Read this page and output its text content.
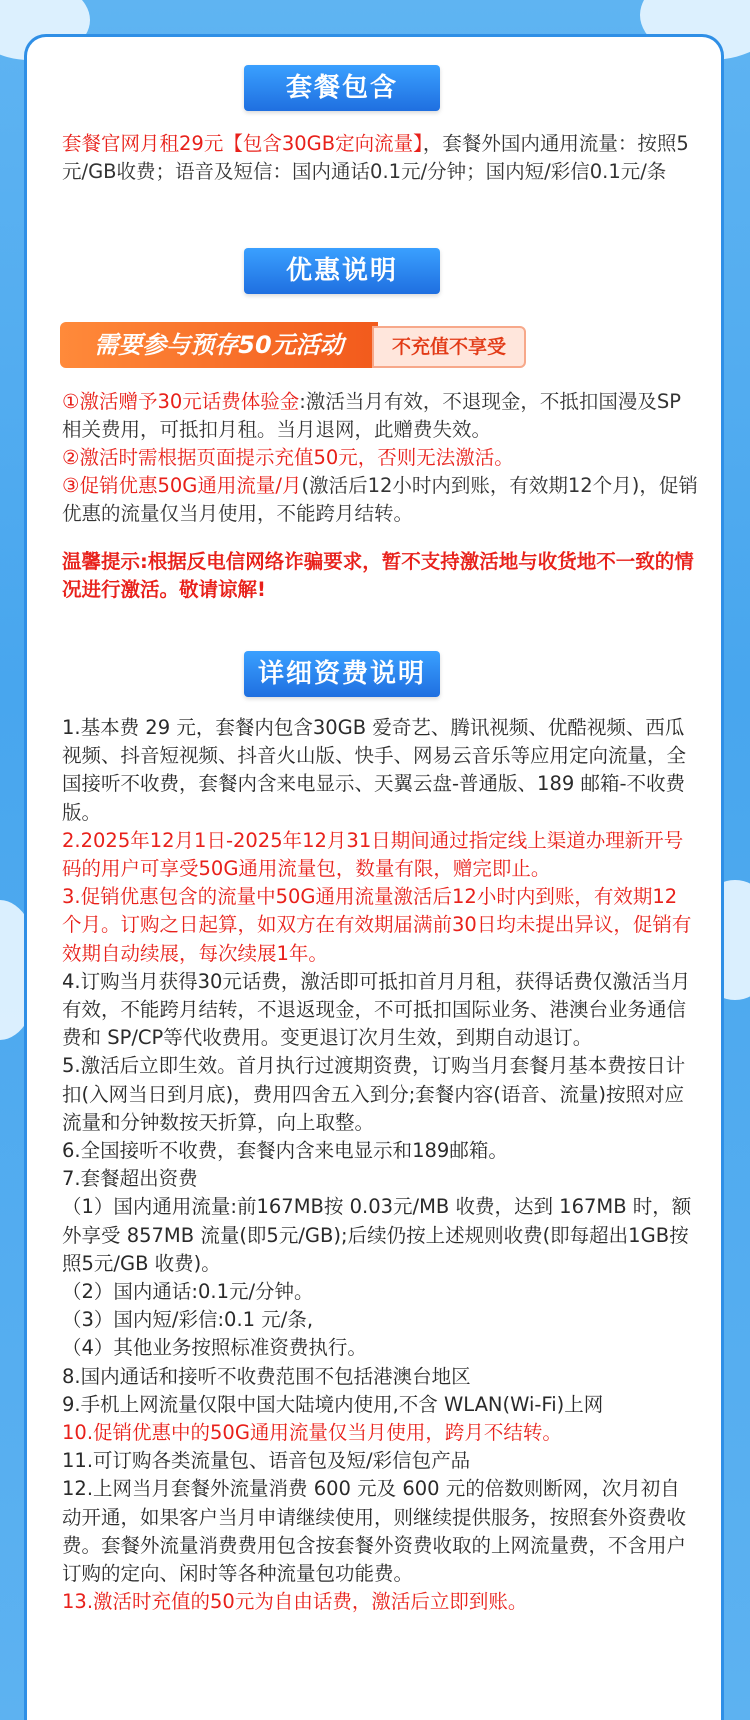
套餐包含
套餐官网月租29元【包含30GB定向流量】，套餐外国内通用流量：按照5元/GB收费；语音及短信：国内通话0.1元/分钟；国内短/彩信0.1元/条
优惠说明
需要参与预存50元活动	不充值不享受
①激活赠予30元话费体验金:激活当月有效，不退现金，不抵扣国漫及SP相关费用，可抵扣月租。当月退网，此赠费失效。
②激活时需根据页面提示充值50元，否则无法激活。
③促销优惠50G通用流量/月(激活后12小时内到账，有效期12个月)，促销优惠的流量仅当月使用，不能跨月结转。
温馨提示:根据反电信网络诈骗要求，暂不支持激活地与收货地不一致的情况进行激活。敬请谅解!
详细资费说明
1.基本费 29 元，套餐内包含30GB 爱奇艺、腾讯视频、优酷视频、西瓜视频、抖音短视频、抖音火山版、快手、网易云音乐等应用定向流量，全国接听不收费，套餐内含来电显示、天翼云盘-普通版、189 邮箱-不收费版。
2.2025年12月1日-2025年12月31日期间通过指定线上渠道办理新开号码的用户可享受50G通用流量包，数量有限，赠完即止。
3.促销优惠包含的流量中50G通用流量激活后12小时内到账，有效期12个月。订购之日起算，如双方在有效期届满前30日均未提出异议，促销有效期自动续展，每次续展1年。
4.订购当月获得30元话费，激活即可抵扣首月月租，获得话费仅激活当月有效，不能跨月结转，不退返现金，不可抵扣国际业务、港澳台业务通信费和 SP/CP等代收费用。变更退订次月生效，到期自动退订。
5.激活后立即生效。首月执行过渡期资费，订购当月套餐月基本费按日计扣(入网当日到月底)，费用四舍五入到分;套餐内容(语音、流量)按照对应流量和分钟数按天折算，向上取整。
6.全国接听不收费，套餐内含来电显示和189邮箱。
7.套餐超出资费
（1）国内通用流量:前167MB按 0.03元/MB 收费，达到 167MB 时，额外享受 857MB 流量(即5元/GB);后续仍按上述规则收费(即每超出1GB按照5元/GB 收费)。
（2）国内通话:0.1元/分钟。
（3）国内短/彩信:0.1 元/条,
（4）其他业务按照标准资费执行。
8.国内通话和接听不收费范围不包括港澳台地区
9.手机上网流量仅限中国大陆境内使用,不含 WLAN(Wi-Fi)上网
10.促销优惠中的50G通用流量仅当月使用，跨月不结转。
11.可订购各类流量包、语音包及短/彩信包产品
12.上网当月套餐外流量消费 600 元及 600 元的倍数则断网，次月初自动开通，如果客户当月申请继续使用，则继续提供服务，按照套外资费收费。套餐外流量消费费用包含按套餐外资费收取的上网流量费，不含用户订购的定向、闲时等各种流量包功能费。
13.激活时充值的50元为自由话费，激活后立即到账。
